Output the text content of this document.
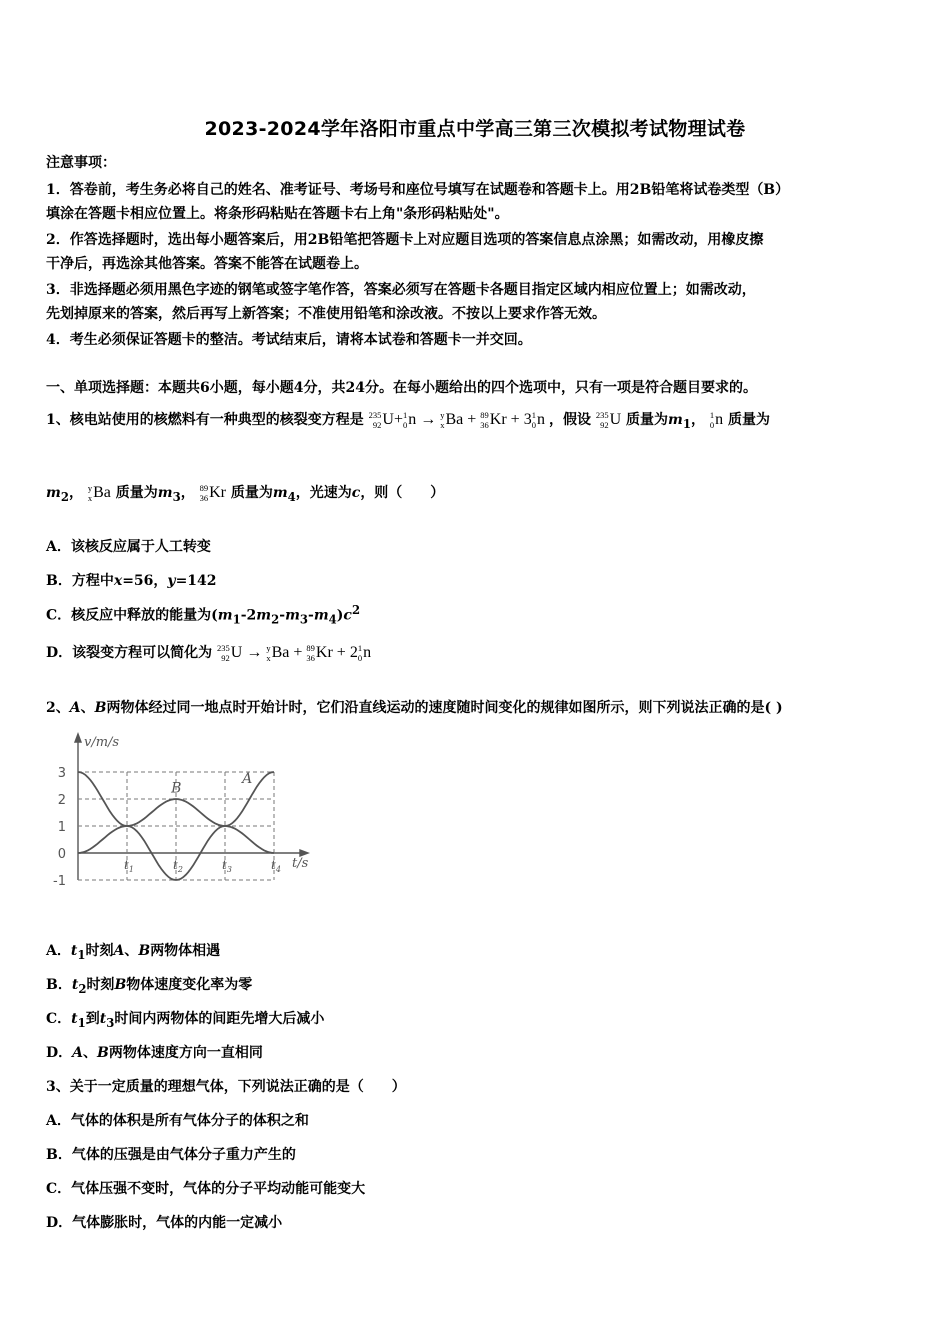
2023-2024学年洛阳市重点中学高三第三次模拟考试物理试卷
注意事项：
1．答卷前，考生务必将自己的姓名、准考证号、考场号和座位号填写在试题卷和答题卡上。用2B铅笔将试卷类型（B）
填涂在答题卡相应位置上。将条形码粘贴在答题卡右上角"条形码粘贴处"。
2．作答选择题时，选出每小题答案后，用2B铅笔把答题卡上对应题目选项的答案信息点涂黑；如需改动，用橡皮擦
干净后，再选涂其他答案。答案不能答在试题卷上。
3．非选择题必须用黑色字迹的钢笔或签字笔作答，答案必须写在答题卡各题目指定区域内相应位置上；如需改动，
先划掉原来的答案，然后再写上新答案；不准使用铅笔和涂改液。不按以上要求作答无效。
4．考生必须保证答题卡的整洁。考试结束后，请将本试卷和答题卡一并交回。
一、单项选择题：本题共6小题，每小题4分，共24分。在每小题给出的四个选项中，只有一项是符合题目要求的。
1、核电站使用的核燃料有一种典型的核裂变方程是 235
92 U+ 1
0 n → y
x Ba + 89
36 Kr + 3 1
0 n ，假设 235
92 U 质量为$m_1$， 1
0 n 质量为
$m_2$， y
x Ba 质量为$m_3$， 89
36 Kr 质量为$m_4$，光速为c，则（　　）
A．该核反应属于人工转变
B．方程中x=56，y=142
C．核反应中释放的能量为$(m_1-2m_2-m_3-m_4)c^2$
D．该裂变方程可以简化为 235
92 U → y
x Ba + 89
36 Kr + 2 1
0 n
2、A、B两物体经过同一地点时开始计时，它们沿直线运动的速度随时间变化的规律如图所示，则下列说法正确的是( )
3
2
1
0
-1
$t_1$	$t_2$	$t_3$	$t_4$
v/m/s
t/s
A
B
A．$t_1$时刻A、B两物体相遇
B．$t_2$时刻B物体速度变化率为零
C．$t_1$到$t_3$时间内两物体的间距先增大后减小
D．A、B两物体速度方向一直相同
3、关于一定质量的理想气体，下列说法正确的是（　　）
A．气体的体积是所有气体分子的体积之和
B．气体的压强是由气体分子重力产生的
C．气体压强不变时，气体的分子平均动能可能变大
D．气体膨胀时，气体的内能一定减小
